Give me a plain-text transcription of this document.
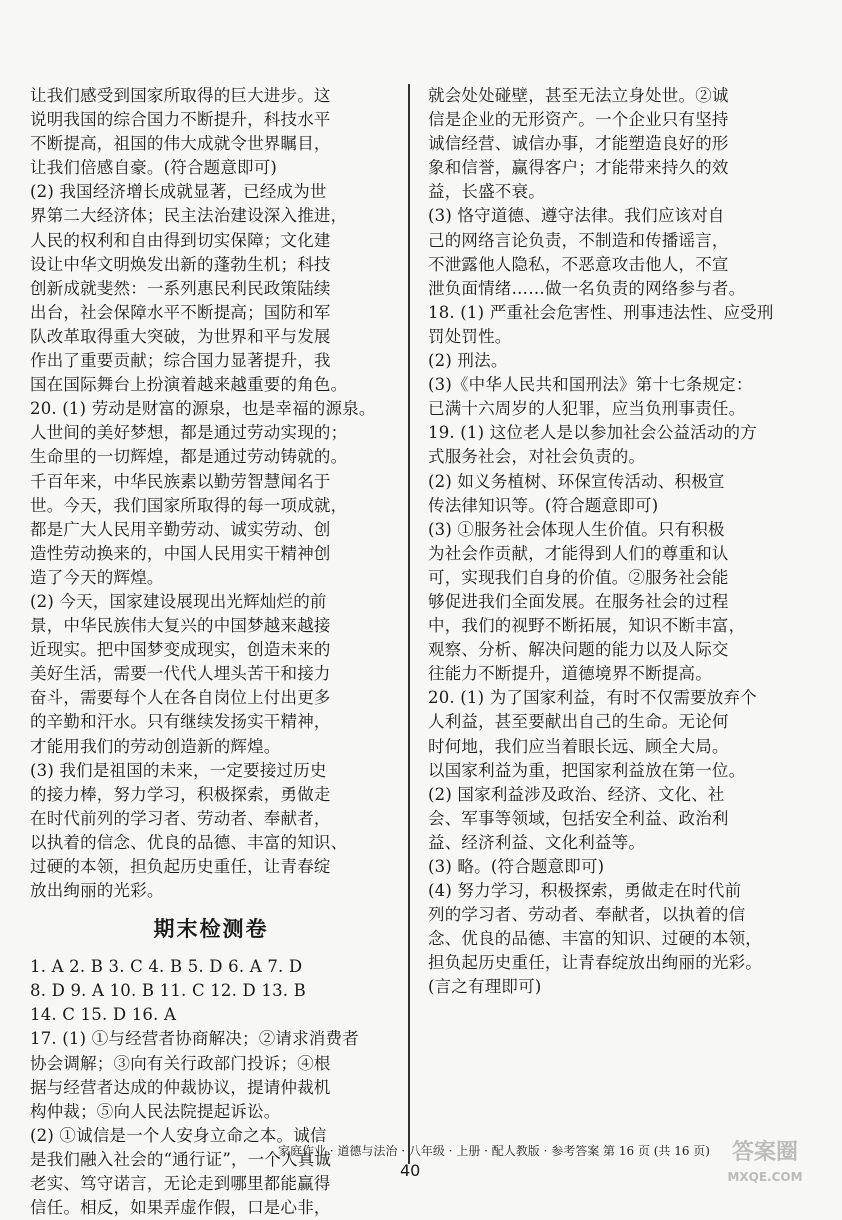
让我们感受到国家所取得的巨大进步。这
说明我国的综合国力不断提升，科技水平
不断提高，祖国的伟大成就令世界瞩目，
让我们倍感自豪。(符合题意即可)
(2) 我国经济增长成就显著，已经成为世
界第二大经济体；民主法治建设深入推进，
人民的权利和自由得到切实保障；文化建
设让中华文明焕发出新的蓬勃生机；科技
创新成就斐然：一系列惠民利民政策陆续
出台，社会保障水平不断提高；国防和军
队改革取得重大突破，为世界和平与发展
作出了重要贡献；综合国力显著提升，我
国在国际舞台上扮演着越来越重要的角色。
20. (1) 劳动是财富的源泉，也是幸福的源泉。
人世间的美好梦想，都是通过劳动实现的；
生命里的一切辉煌，都是通过劳动铸就的。
千百年来，中华民族素以勤劳智慧闻名于
世。今天，我们国家所取得的每一项成就，
都是广大人民用辛勤劳动、诚实劳动、创
造性劳动换来的，中国人民用实干精神创
造了今天的辉煌。
(2) 今天，国家建设展现出光辉灿烂的前
景，中华民族伟大复兴的中国梦越来越接
近现实。把中国梦变成现实，创造未来的
美好生活，需要一代代人埋头苦干和接力
奋斗，需要每个人在各自岗位上付出更多
的辛勤和汗水。只有继续发扬实干精神，
才能用我们的劳动创造新的辉煌。
(3) 我们是祖国的未来，一定要接过历史
的接力棒，努力学习，积极探索，勇做走
在时代前列的学习者、劳动者、奉献者，
以执着的信念、优良的品德、丰富的知识、
过硬的本领，担负起历史重任，让青春绽
放出绚丽的光彩。
期末检测卷
1. A 2. B 3. C 4. B 5. D 6. A 7. D
8. D 9. A 10. B 11. C 12. D 13. B
14. C 15. D 16. A
17. (1) ①与经营者协商解决；②请求消费者
协会调解；③向有关行政部门投诉；④根
据与经营者达成的仲裁协议，提请仲裁机
构仲裁；⑤向人民法院提起诉讼。
(2) ①诚信是一个人安身立命之本。诚信
是我们融入社会的“通行证”，一个人真诚
老实、笃守诺言，无论走到哪里都能赢得
信任。相反，如果弄虚作假，口是心非，
就会处处碰壁，甚至无法立身处世。②诚
信是企业的无形资产。一个企业只有坚持
诚信经营、诚信办事，才能塑造良好的形
象和信誉，赢得客户；才能带来持久的效
益，长盛不衰。
(3) 恪守道德、遵守法律。我们应该对自
己的网络言论负责，不制造和传播谣言，
不泄露他人隐私，不恶意攻击他人，不宣
泄负面情绪……做一名负责的网络参与者。
18. (1) 严重社会危害性、刑事违法性、应受刑
罚处罚性。
(2) 刑法。
(3)《中华人民共和国刑法》第十七条规定：
已满十六周岁的人犯罪，应当负刑事责任。
19. (1) 这位老人是以参加社会公益活动的方
式服务社会，对社会负责的。
(2) 如义务植树、环保宣传活动、积极宣
传法律知识等。(符合题意即可)
(3) ①服务社会体现人生价值。只有积极
为社会作贡献，才能得到人们的尊重和认
可，实现我们自身的价值。②服务社会能
够促进我们全面发展。在服务社会的过程
中，我们的视野不断拓展，知识不断丰富，
观察、分析、解决问题的能力以及人际交
往能力不断提升，道德境界不断提高。
20. (1) 为了国家利益，有时不仅需要放弃个
人利益，甚至要献出自己的生命。无论何
时何地，我们应当着眼长远、顾全大局。
以国家利益为重，把国家利益放在第一位。
(2) 国家利益涉及政治、经济、文化、社
会、军事等领域，包括安全利益、政治利
益、经济利益、文化利益等。
(3) 略。(符合题意即可)
(4) 努力学习，积极探索，勇做走在时代前
列的学习者、劳动者、奉献者，以执着的信
念、优良的品德、丰富的知识、过硬的本领，
担负起历史重任，让青春绽放出绚丽的光彩。
(言之有理即可)
家庭作业 · 道德与法治 · 八年级 · 上册 · 配人教版 · 参考答案 第 16 页 (共 16 页)
40
答案圈
MXQE.COM
